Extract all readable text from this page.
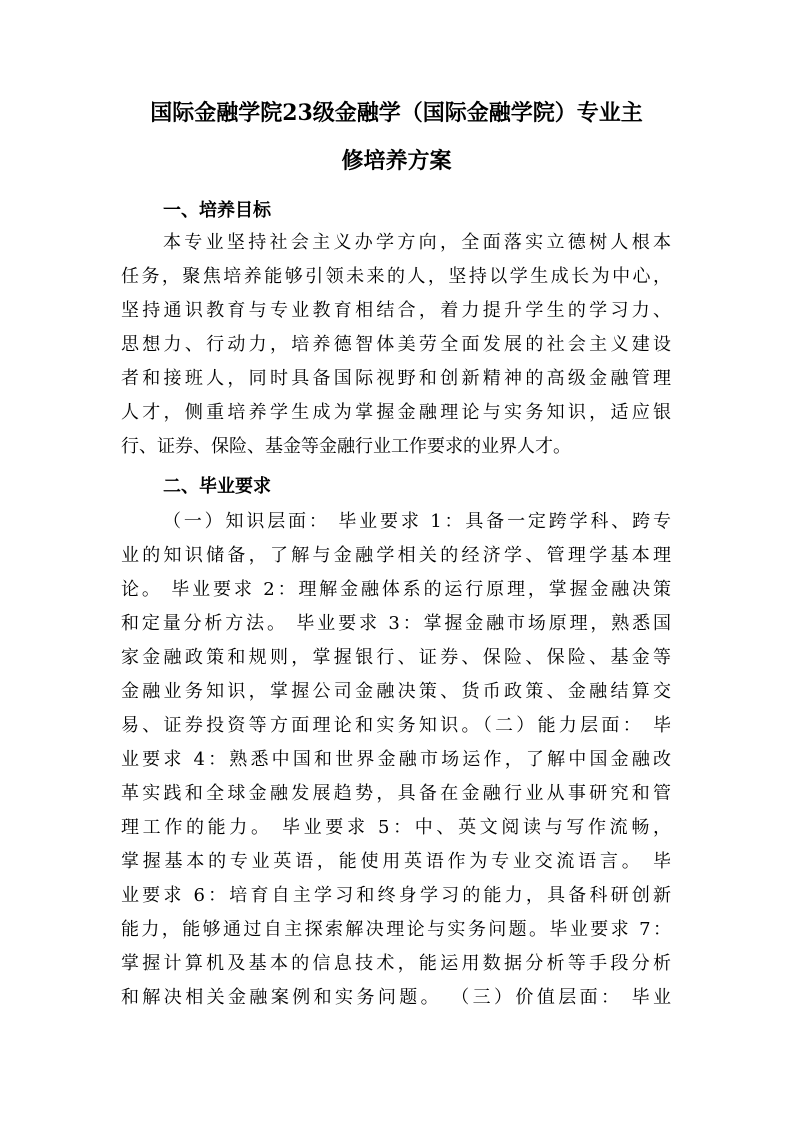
国际金融学院23级金融学（国际金融学院）专业主
修培养方案
一、培养目标
本专业坚持社会主义办学方向，全面落实立德树人根本
任务，聚焦培养能够引领未来的人，坚持以学生成长为中心，
坚持通识教育与专业教育相结合，着力提升学生的学习力、
思想力、行动力，培养德智体美劳全面发展的社会主义建设
者和接班人，同时具备国际视野和创新精神的高级金融管理
人才，侧重培养学生成为掌握金融理论与实务知识，适应银
行、证券、保险、基金等金融行业工作要求的业界人才。
二、毕业要求
（一）知识层面： 毕业要求 1：具备一定跨学科、跨专
业的知识储备，了解与金融学相关的经济学、管理学基本理
论。 毕业要求 2：理解金融体系的运行原理，掌握金融决策
和定量分析方法。 毕业要求 3：掌握金融市场原理，熟悉国
家金融政策和规则，掌握银行、证券、保险、保险、基金等
金融业务知识，掌握公司金融决策、货币政策、金融结算交
易、证券投资等方面理论和实务知识。（二）能力层面： 毕
业要求 4：熟悉中国和世界金融市场运作，了解中国金融改
革实践和全球金融发展趋势，具备在金融行业从事研究和管
理工作的能力。 毕业要求 5：中、英文阅读与写作流畅，
掌握基本的专业英语，能使用英语作为专业交流语言。 毕
业要求 6：培育自主学习和终身学习的能力，具备科研创新
能力，能够通过自主探索解决理论与实务问题。毕业要求 7：
掌握计算机及基本的信息技术，能运用数据分析等手段分析
和解决相关金融案例和实务问题。 （三）价值层面： 毕业
